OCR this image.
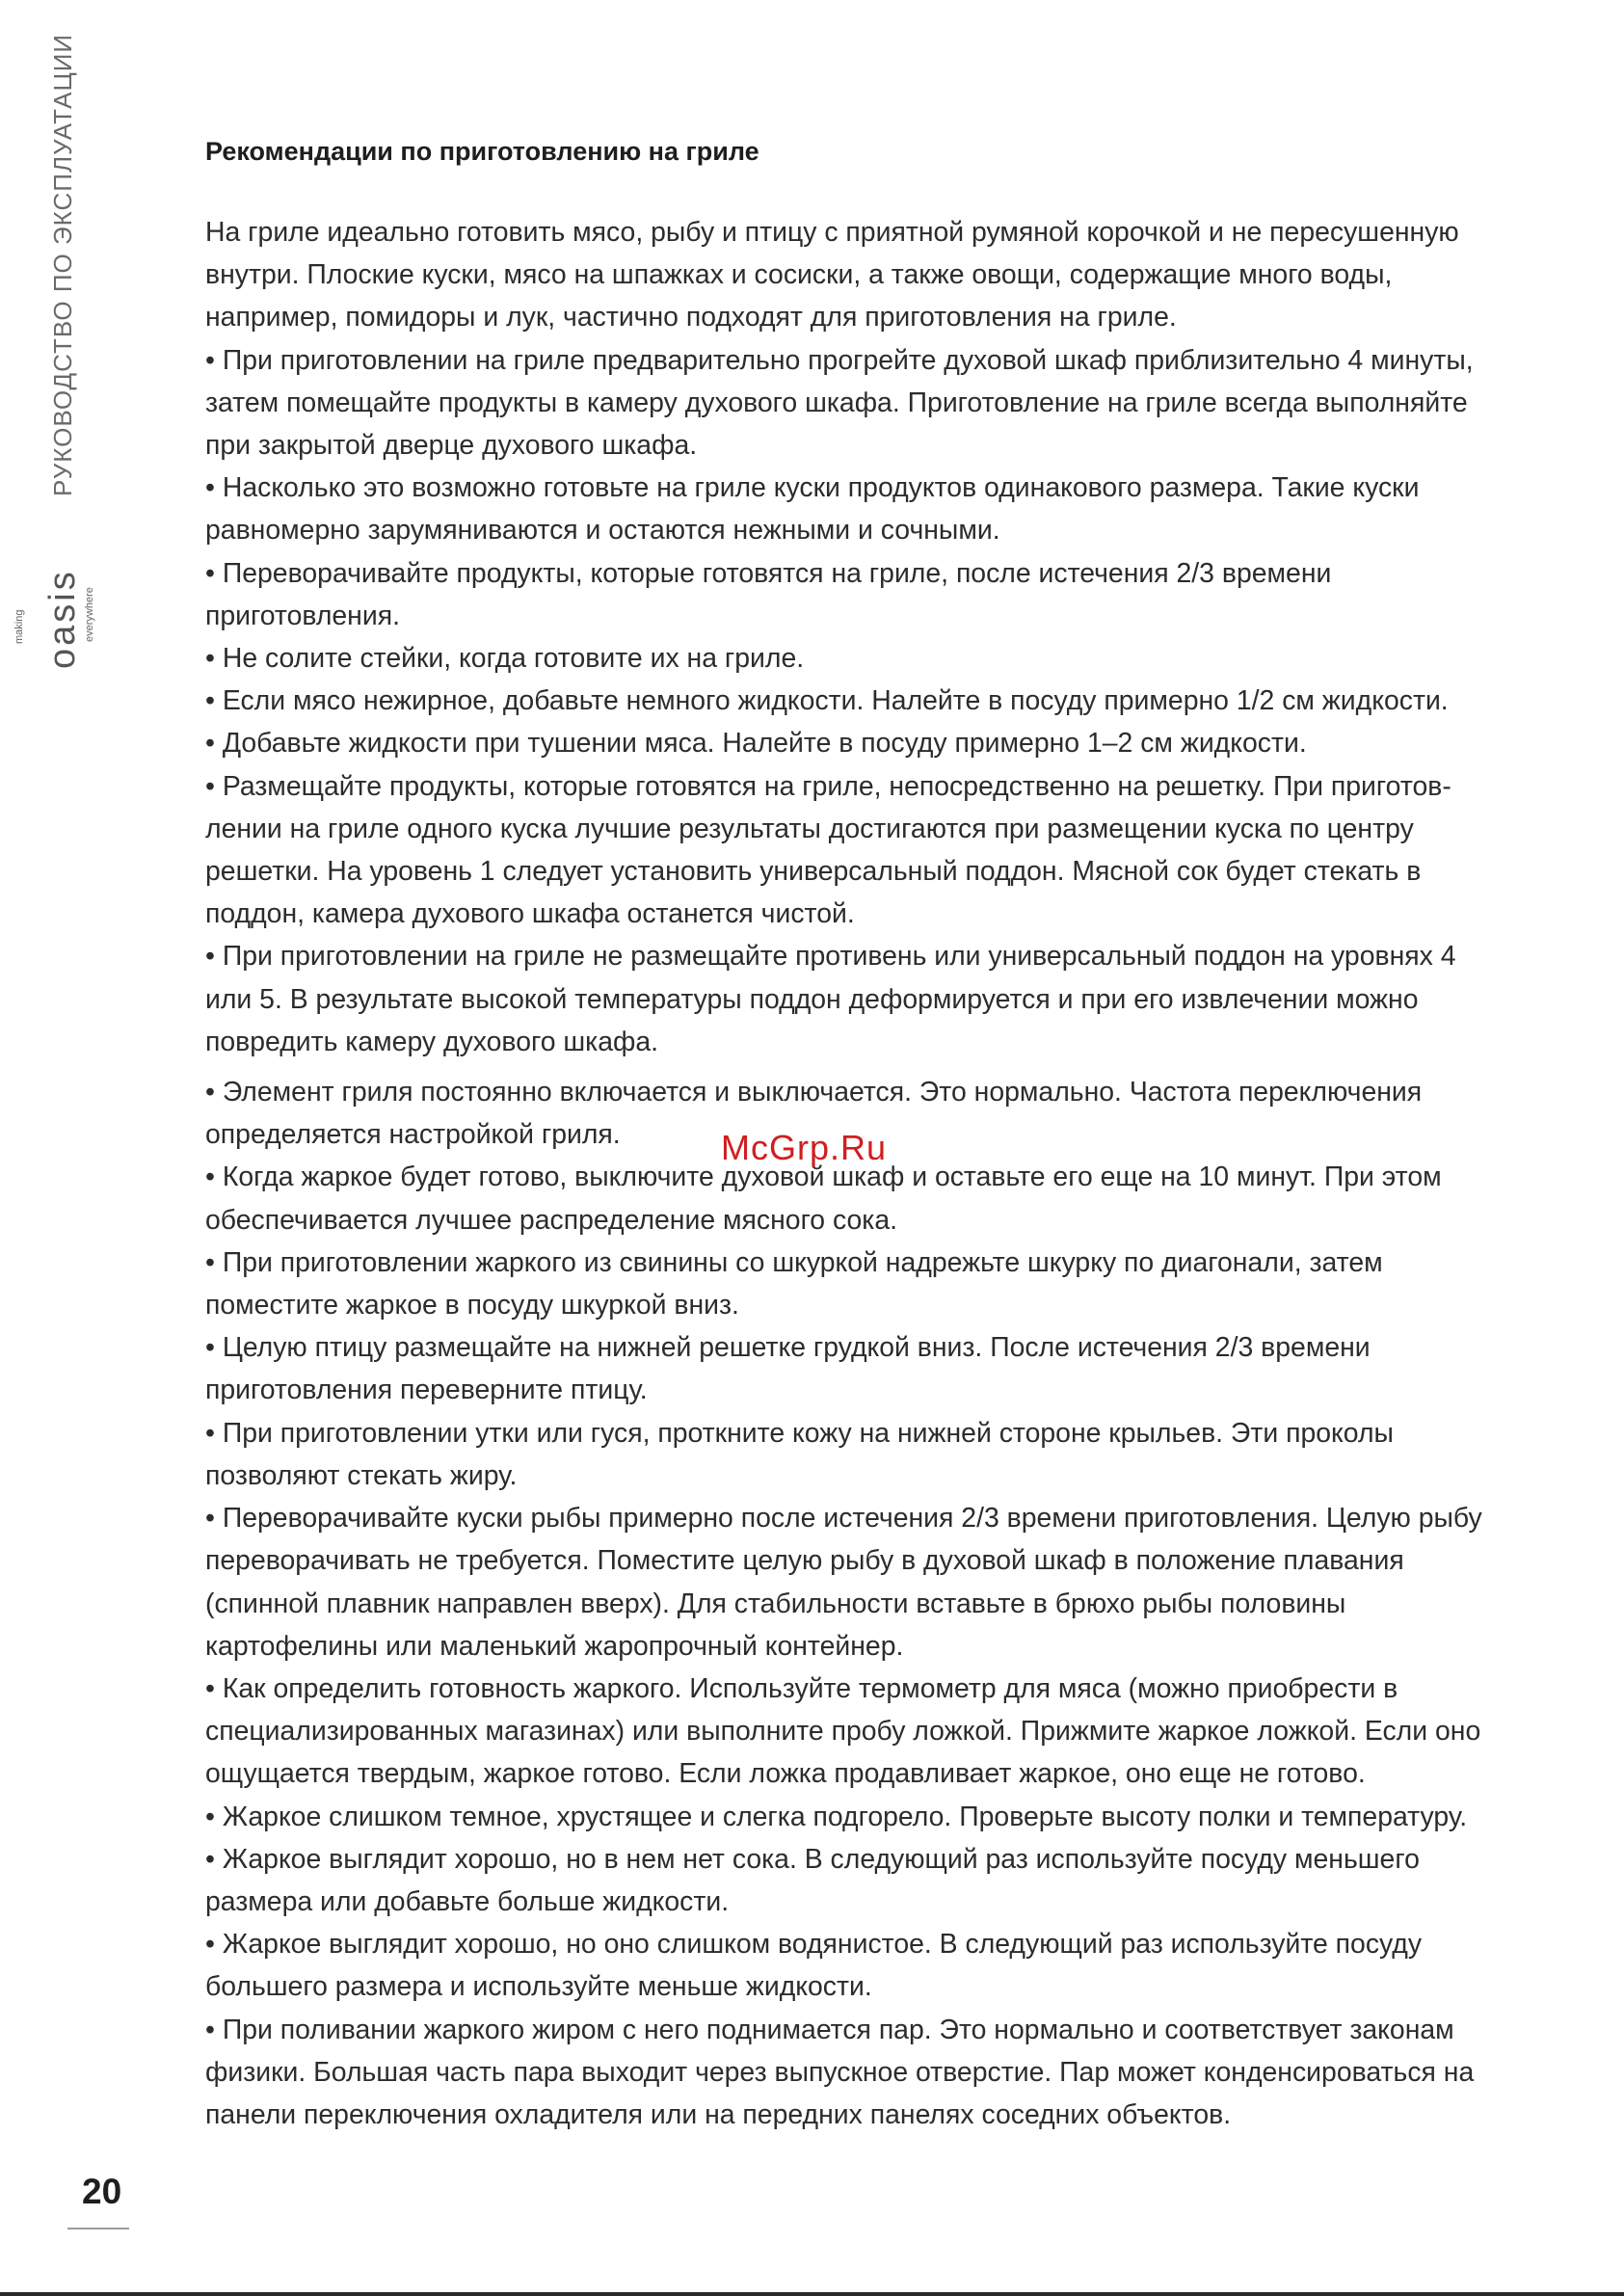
РУКОВОДСТВО ПО ЭКСПЛУАТАЦИИ
making oasis everywhere
Рекомендации по приготовлению на гриле

На гриле идеально готовить мясо, рыбу и птицу с приятной румяной корочкой и не пересушенную внутри. Плоские куски, мясо на шпажках и сосиски, а также овощи, содержащие много воды, например, помидоры и лук, частично подходят для приготовления на гриле.

• При приготовлении на гриле предварительно прогрейте духовой шкаф приблизительно 4 минуты, затем помещайте продукты в камеру духового шкафа. Приготовление на гриле всегда выполняйте при закрытой дверце духового шкафа.

• Насколько это возможно готовьте на гриле куски продуктов одинакового размера. Такие куски равномерно зарумяниваются и остаются нежными и сочными.

• Переворачивайте продукты, которые готовятся на гриле, после истечения 2/3 времени приготовления.

• Не солите стейки, когда готовите их на гриле.

• Если мясо нежирное, добавьте немного жидкости. Налейте в посуду примерно 1/2 см жидкости.

• Добавьте жидкости при тушении мяса. Налейте в посуду примерно 1–2 см жидкости.

• Размещайте продукты, которые готовятся на гриле, непосредственно на решетку. При приготов-лении на гриле одного куска лучшие результаты достигаются при размещении куска по центру решетки. На уровень 1 следует установить универсальный поддон. Мясной сок будет стекать в поддон, камера духового шкафа останется чистой.

• При приготовлении на гриле не размещайте противень или универсальный поддон на уровнях 4 или 5. В результате высокой температуры поддон деформируется и при его извлечении можно повредить камеру духового шкафа.

• Элемент гриля постоянно включается и выключается. Это нормально. Частота переключения определяется настройкой гриля.

• Когда жаркое будет готово, выключите духовой шкаф и оставьте его еще на 10 минут. При этом обеспечивается лучшее распределение мясного сока.

• При приготовлении жаркого из свинины со шкуркой надрежьте шкурку по диагонали, затем поместите жаркое в посуду шкуркой вниз.

• Целую птицу размещайте на нижней решетке грудкой вниз. После истечения 2/3 времени приготовления переверните птицу.

• При приготовлении утки или гуся, проткните кожу на нижней стороне крыльев. Эти проколы позволяют стекать жиру.

• Переворачивайте куски рыбы примерно после истечения 2/3 времени приготовления. Целую рыбу переворачивать не требуется. Поместите целую рыбу в духовой шкаф в положение плавания (спинной плавник направлен вверх). Для стабильности вставьте в брюхо рыбы половины картофелины или маленький жаропрочный контейнер.

• Как определить готовность жаркого. Используйте термометр для мяса (можно приобрести в специализированных магазинах) или выполните пробу ложкой. Прижмите жаркое ложкой. Если оно ощущается твердым, жаркое готово. Если ложка продавливает жаркое, оно еще не готово.

• Жаркое слишком темное, хрустящее и слегка подгорело. Проверьте высоту полки и температуру.

• Жаркое выглядит хорошо, но в нем нет сока. В следующий раз используйте посуду меньшего размера или добавьте больше жидкости.

• Жаркое выглядит хорошо, но оно слишком водянистое. В следующий раз используйте посуду большего размера и используйте меньше жидкости.

• При поливании жаркого жиром с него поднимается пар. Это нормально и соответствует законам физики. Большая часть пара выходит через выпускное отверстие. Пар может конденсироваться на панели переключения охладителя или на передних панелях соседних объектов.

McGrp.Ru
20
